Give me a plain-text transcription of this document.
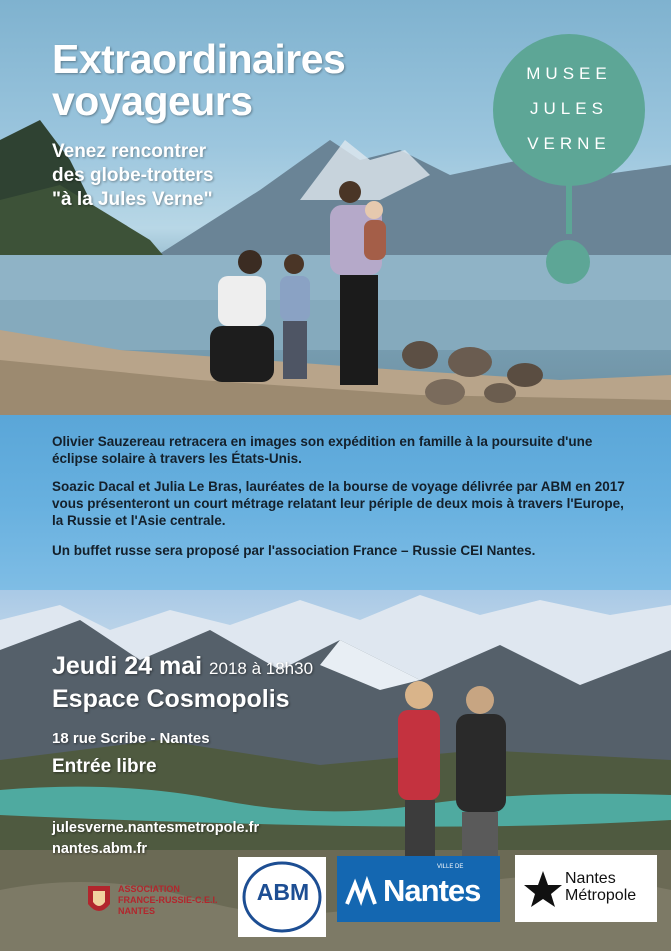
Extraordinaires
voyageurs
Venez rencontrer
des globe-trotters
"à la Jules Verne"
MUSEE
JULES
VERNE

Olivier Sauzereau retracera en images son expédition en famille à la poursuite d'une éclipse solaire à travers les États-Unis.

Soazic Dacal et Julia Le Bras, lauréates de la bourse de voyage délivrée par ABM en 2017 vous présenteront un court métrage relatant leur périple de deux mois à travers l'Europe, la Russie et l'Asie centrale.

Un buffet russe sera proposé par l'association France – Russie CEI Nantes.

Jeudi 24 mai 2018 à 18h30
Espace Cosmopolis
18 rue Scribe - Nantes
Entrée libre
julesverne.nantesmetropole.fr
nantes.abm.fr
ASSOCIATION
FRANCE-RUSSIE-C.E.I.
NANTES
ABM
VILLE DE
Nantes	Nantes
Métropole
